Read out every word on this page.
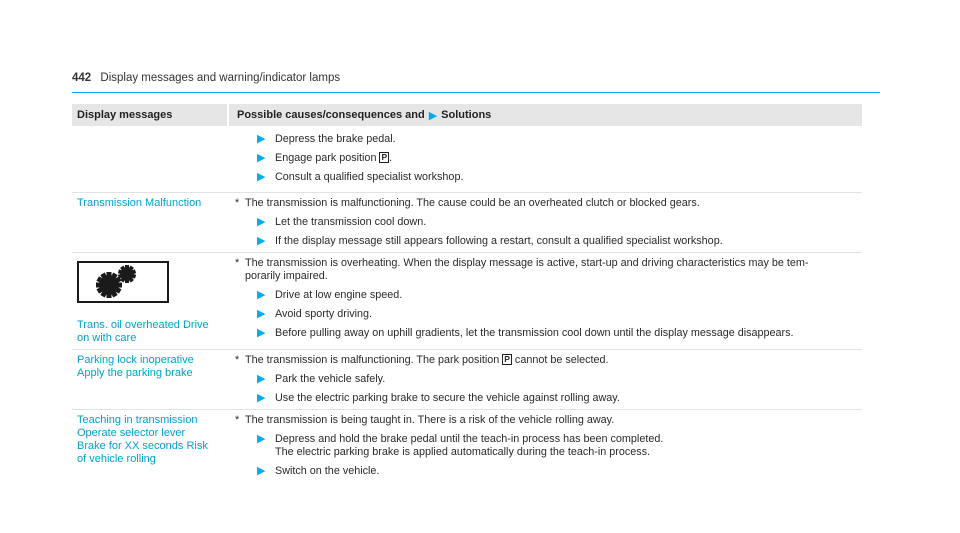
442 Display messages and warning/indicator lamps
Display messages	Possible causes/consequences and ▶ Solutions
▶ Depress the brake pedal.
▶ Engage park position P .
▶ Consult a qualified specialist workshop.
Transmission Malfunction	* The transmission is malfunctioning. The cause could be an overheated clutch or blocked gears.
▶ Let the transmission cool down.
▶ If the display message still appears following a restart, consult a qualified specialist workshop.
Trans. oil overheated Drive
on with care
* The transmission is overheating. When the display message is active, start-up and driving characteristics may be tem-
porarily impaired.
▶ Drive at low engine speed.
▶ Avoid sporty driving.
▶ Before pulling away on uphill gradients, let the transmission cool down until the display message disappears.
Parking lock inoperative
Apply the parking brake
* The transmission is malfunctioning. The park position P cannot be selected.
▶ Park the vehicle safely.
▶ Use the electric parking brake to secure the vehicle against rolling away.
Teaching in transmission
Operate selector lever
Brake for XX seconds Risk
of vehicle rolling
* The transmission is being taught in. There is a risk of the vehicle rolling away.
▶ Depress and hold the brake pedal until the teach-in process has been completed.
The electric parking brake is applied automatically during the teach-in process.
▶ Switch on the vehicle.
